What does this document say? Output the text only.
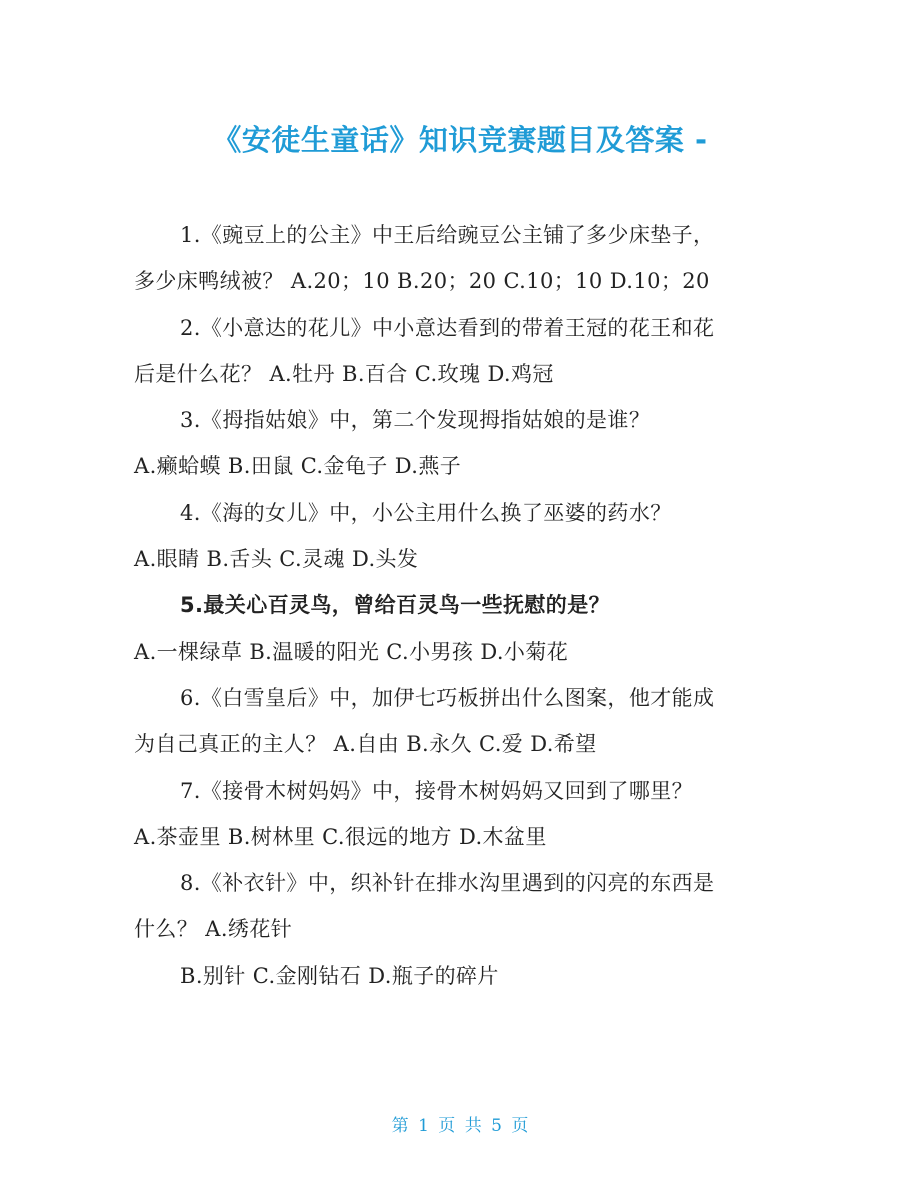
《安徒生童话》知识竞赛题目及答案 -
1.《豌豆上的公主》中王后给豌豆公主铺了多少床垫子，
多少床鸭绒被？ A.20；10 B.20；20 C.10；10 D.10；20
2.《小意达的花儿》中小意达看到的带着王冠的花王和花
后是什么花？ A.牡丹 B.百合 C.玫瑰 D.鸡冠
3.《拇指姑娘》中，第二个发现拇指姑娘的是谁？
A.癞蛤蟆 B.田鼠 C.金龟子 D.燕子
4.《海的女儿》中，小公主用什么换了巫婆的药水？
A.眼睛 B.舌头 C.灵魂 D.头发
5.最关心百灵鸟，曾给百灵鸟一些抚慰的是？
A.一棵绿草 B.温暖的阳光 C.小男孩 D.小菊花
6.《白雪皇后》中，加伊七巧板拼出什么图案，他才能成
为自己真正的主人？ A.自由 B.永久 C.爱 D.希望
7.《接骨木树妈妈》中，接骨木树妈妈又回到了哪里？
A.茶壶里 B.树林里 C.很远的地方 D.木盆里
8.《补衣针》中，织补针在排水沟里遇到的闪亮的东西是
什么？ A.绣花针
B.别针 C.金刚钻石 D.瓶子的碎片
第 1 页 共 5 页
